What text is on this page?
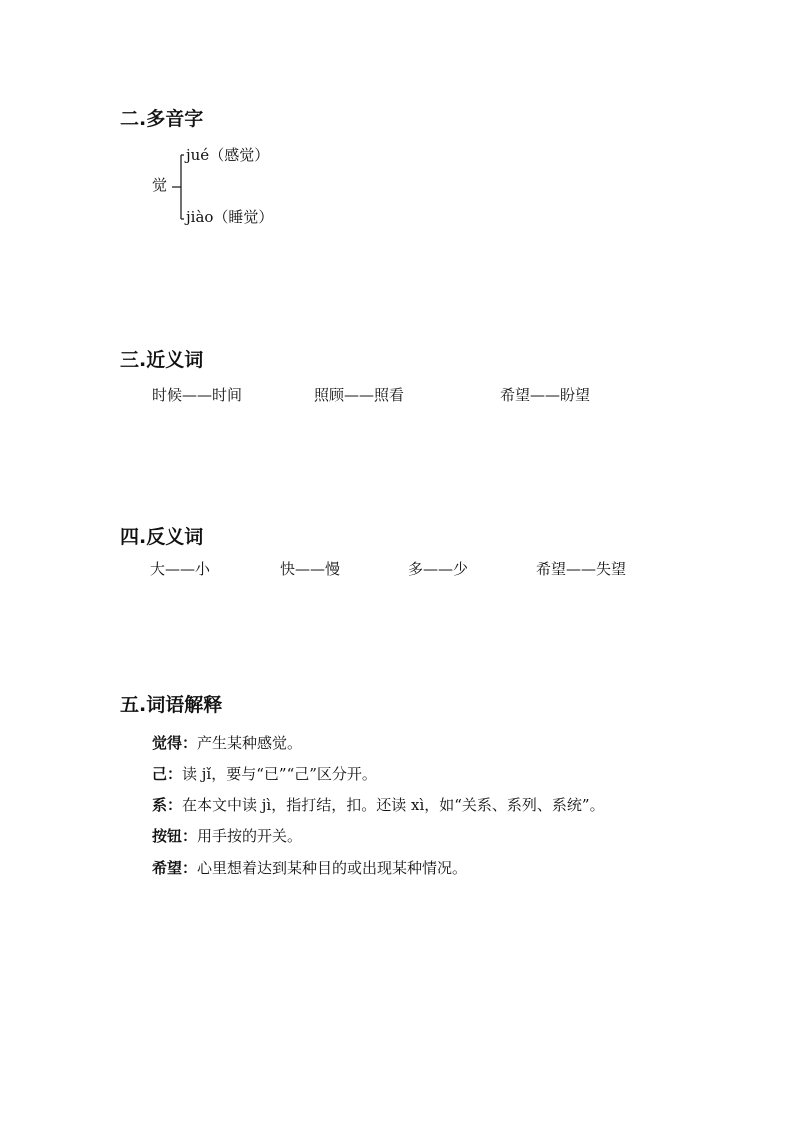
二.多音字
觉
jué（感觉）
jiào（睡觉）
三.近义词
时候——时间	照顾——照看	希望——盼望
四.反义词
大——小	快——慢	多——少	希望——失望
五.词语解释
觉得：产生某种感觉。
己：读 jǐ，要与“已”“己”区分开。
系：在本文中读 jì，指打结，扣。还读 xì，如“关系、系列、系统”。
按钮：用手按的开关。
希望：心里想着达到某种目的或出现某种情况。
